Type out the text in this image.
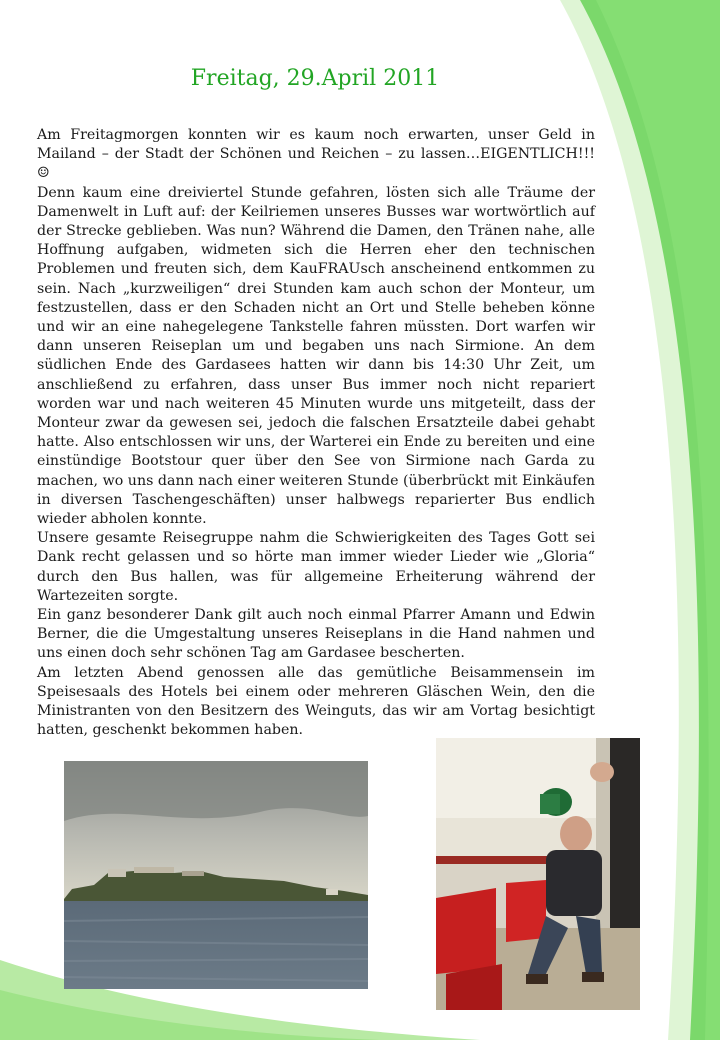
Freitag, 29.April 2011

Am Freitagmorgen konnten wir es kaum noch erwarten, unser Geld in Mailand – der Stadt der Schönen und Reichen – zu lassen…EIGENTLICH!!! ☺

Denn kaum eine dreiviertel Stunde gefahren, lösten sich alle Träume der Damenwelt in Luft auf: der Keilriemen unseres Busses war wortwörtlich auf der Strecke geblieben. Was nun? Während die Damen, den Tränen nahe, alle Hoffnung aufgaben, widmeten sich die Herren eher den technischen Problemen und freuten sich, dem KauFRAUsch anscheinend entkommen zu sein. Nach „kurzweiligen“ drei Stunden kam auch schon der Monteur, um festzustellen, dass er den Schaden nicht an Ort und Stelle beheben könne und wir an eine nahegelegene Tankstelle fahren müssten. Dort warfen wir dann unseren Reiseplan um und begaben uns nach Sirmione. An dem südlichen Ende des Gardasees hatten wir dann bis 14:30 Uhr Zeit, um anschließend zu erfahren, dass unser Bus immer noch nicht repariert worden war und nach weiteren 45 Minuten wurde uns mitgeteilt, dass der Monteur zwar da gewesen sei, jedoch die falschen Ersatzteile dabei gehabt hatte. Also entschlossen wir uns, der Warterei ein Ende zu bereiten und eine einstündige Bootstour quer über den See von Sirmione nach Garda zu machen, wo uns dann nach einer weiteren Stunde (überbrückt mit Einkäufen in diversen Taschengeschäften) unser halbwegs reparierter Bus endlich wieder abholen konnte.

Unsere gesamte Reisegruppe nahm die Schwierigkeiten des Tages Gott sei Dank recht gelassen und so hörte man immer wieder Lieder wie „Gloria“ durch den Bus hallen, was für allgemeine Erheiterung während der Wartezeiten sorgte.

Ein ganz besonderer Dank gilt auch noch einmal Pfarrer Amann und Edwin Berner, die die Umgestaltung unseres Reiseplans in die Hand nahmen und uns einen doch sehr schönen Tag am Gardasee bescherten.

Am letzten Abend genossen alle das gemütliche Beisammensein im Speisesaals des Hotels bei einem oder mehreren Gläschen Wein, den die Ministranten von den Besitzern des Weinguts, das wir am Vortag besichtigt hatten, geschenkt bekommen haben.
